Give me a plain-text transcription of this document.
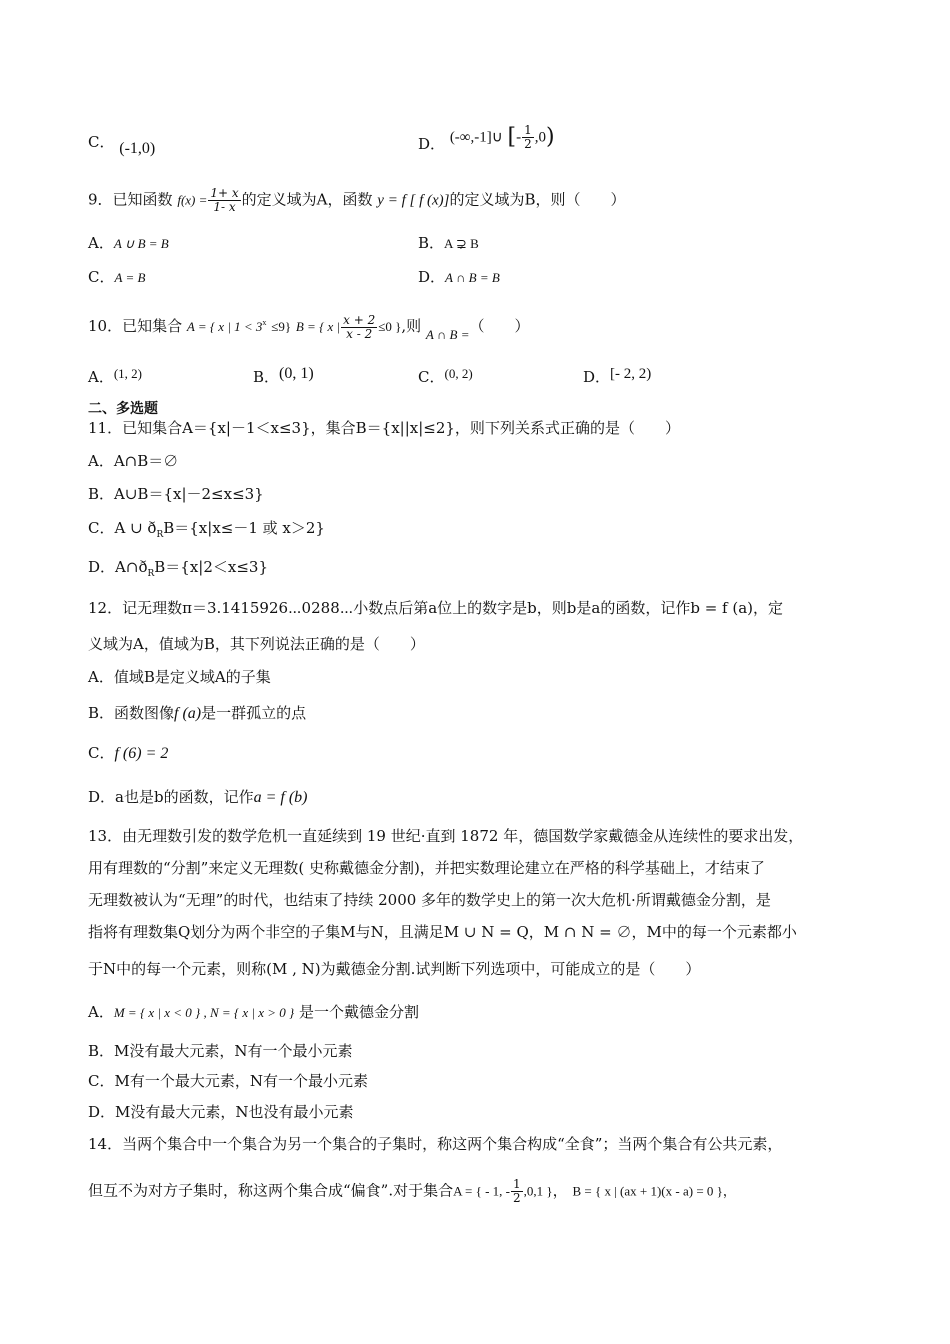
C． (-1,0)	D． (-∞,-1]∪ [- $\frac{1}{2} ,0$)
9．已知函数 $f(x) = \frac{1+ x}{1- x}$ 的定义域为A，函数 y = f [ f (x)]的定义域为B，则（　　）
A．A ∪ B = B	B．A ⊋ B
C．A = B	D．A ∩ B = B
10．已知集合 A = { x | $1 < 3^x \le 9$} B = { x | $\frac{x + 2}{x - 2} \le 0$ },则 A ∩ B =（　　）
A．(1, 2)	B．(0, 1)	C．(0, 2)	D．[- 2, 2)
二、多选题
11．已知集合A＝{x|－1＜x≤3}，集合B＝{x||x|≤2}，则下列关系式正确的是（　　）
A．A∩B＝∅
B．A∪B＝{x|－2≤x≤3}
C．A ∪ $ð_RB=\{x|x\le-1$ 或 x＞2}
D．$A\cap ð_RB=\{x|2<x\le 3\}$
12．记无理数π＝3.1415926⋯0288⋯小数点后第a位上的数字是b，则b是a的函数，记作b = f (a)，定
义域为A，值域为B，其下列说法正确的是（　　）
A．值域B是定义域A的子集
B．函数图像f (a)是一群孤立的点
C．f (6) = 2
D．a也是b的函数，记作a = f (b)
13．由无理数引发的数学危机一直延续到 19 世纪·直到 1872 年，德国数学家戴德金从连续性的要求出发，
用有理数的“分割”来定义无理数( 史称戴德金分割)，并把实数理论建立在严格的科学基础上，才结束了
无理数被认为“无理”的时代，也结束了持续 2000 多年的数学史上的第一次大危机·所谓戴德金分割，是
指将有理数集Q划分为两个非空的子集M与N，且满足M ∪ N = Q，M ∩ N = ∅，M中的每一个元素都小
于N中的每一个元素，则称(M , N)为戴德金分割.试判断下列选项中，可能成立的是（　　）
A．M = { x | x < 0 } , N = { x | x > 0 } 是一个戴德金分割
B．M没有最大元素，N有一个最小元素
C．M有一个最大元素，N有一个最小元素
D．M没有最大元素，N也没有最小元素
14．当两个集合中一个集合为另一个集合的子集时，称这两个集合构成“全食”；当两个集合有公共元素，
但互不为对方子集时，称这两个集合成“偏食”.对于集合A = { - 1, - $\frac{1}{2} ,0,1$ }， B = { x | (ax + 1)(x - a) = 0 }，
